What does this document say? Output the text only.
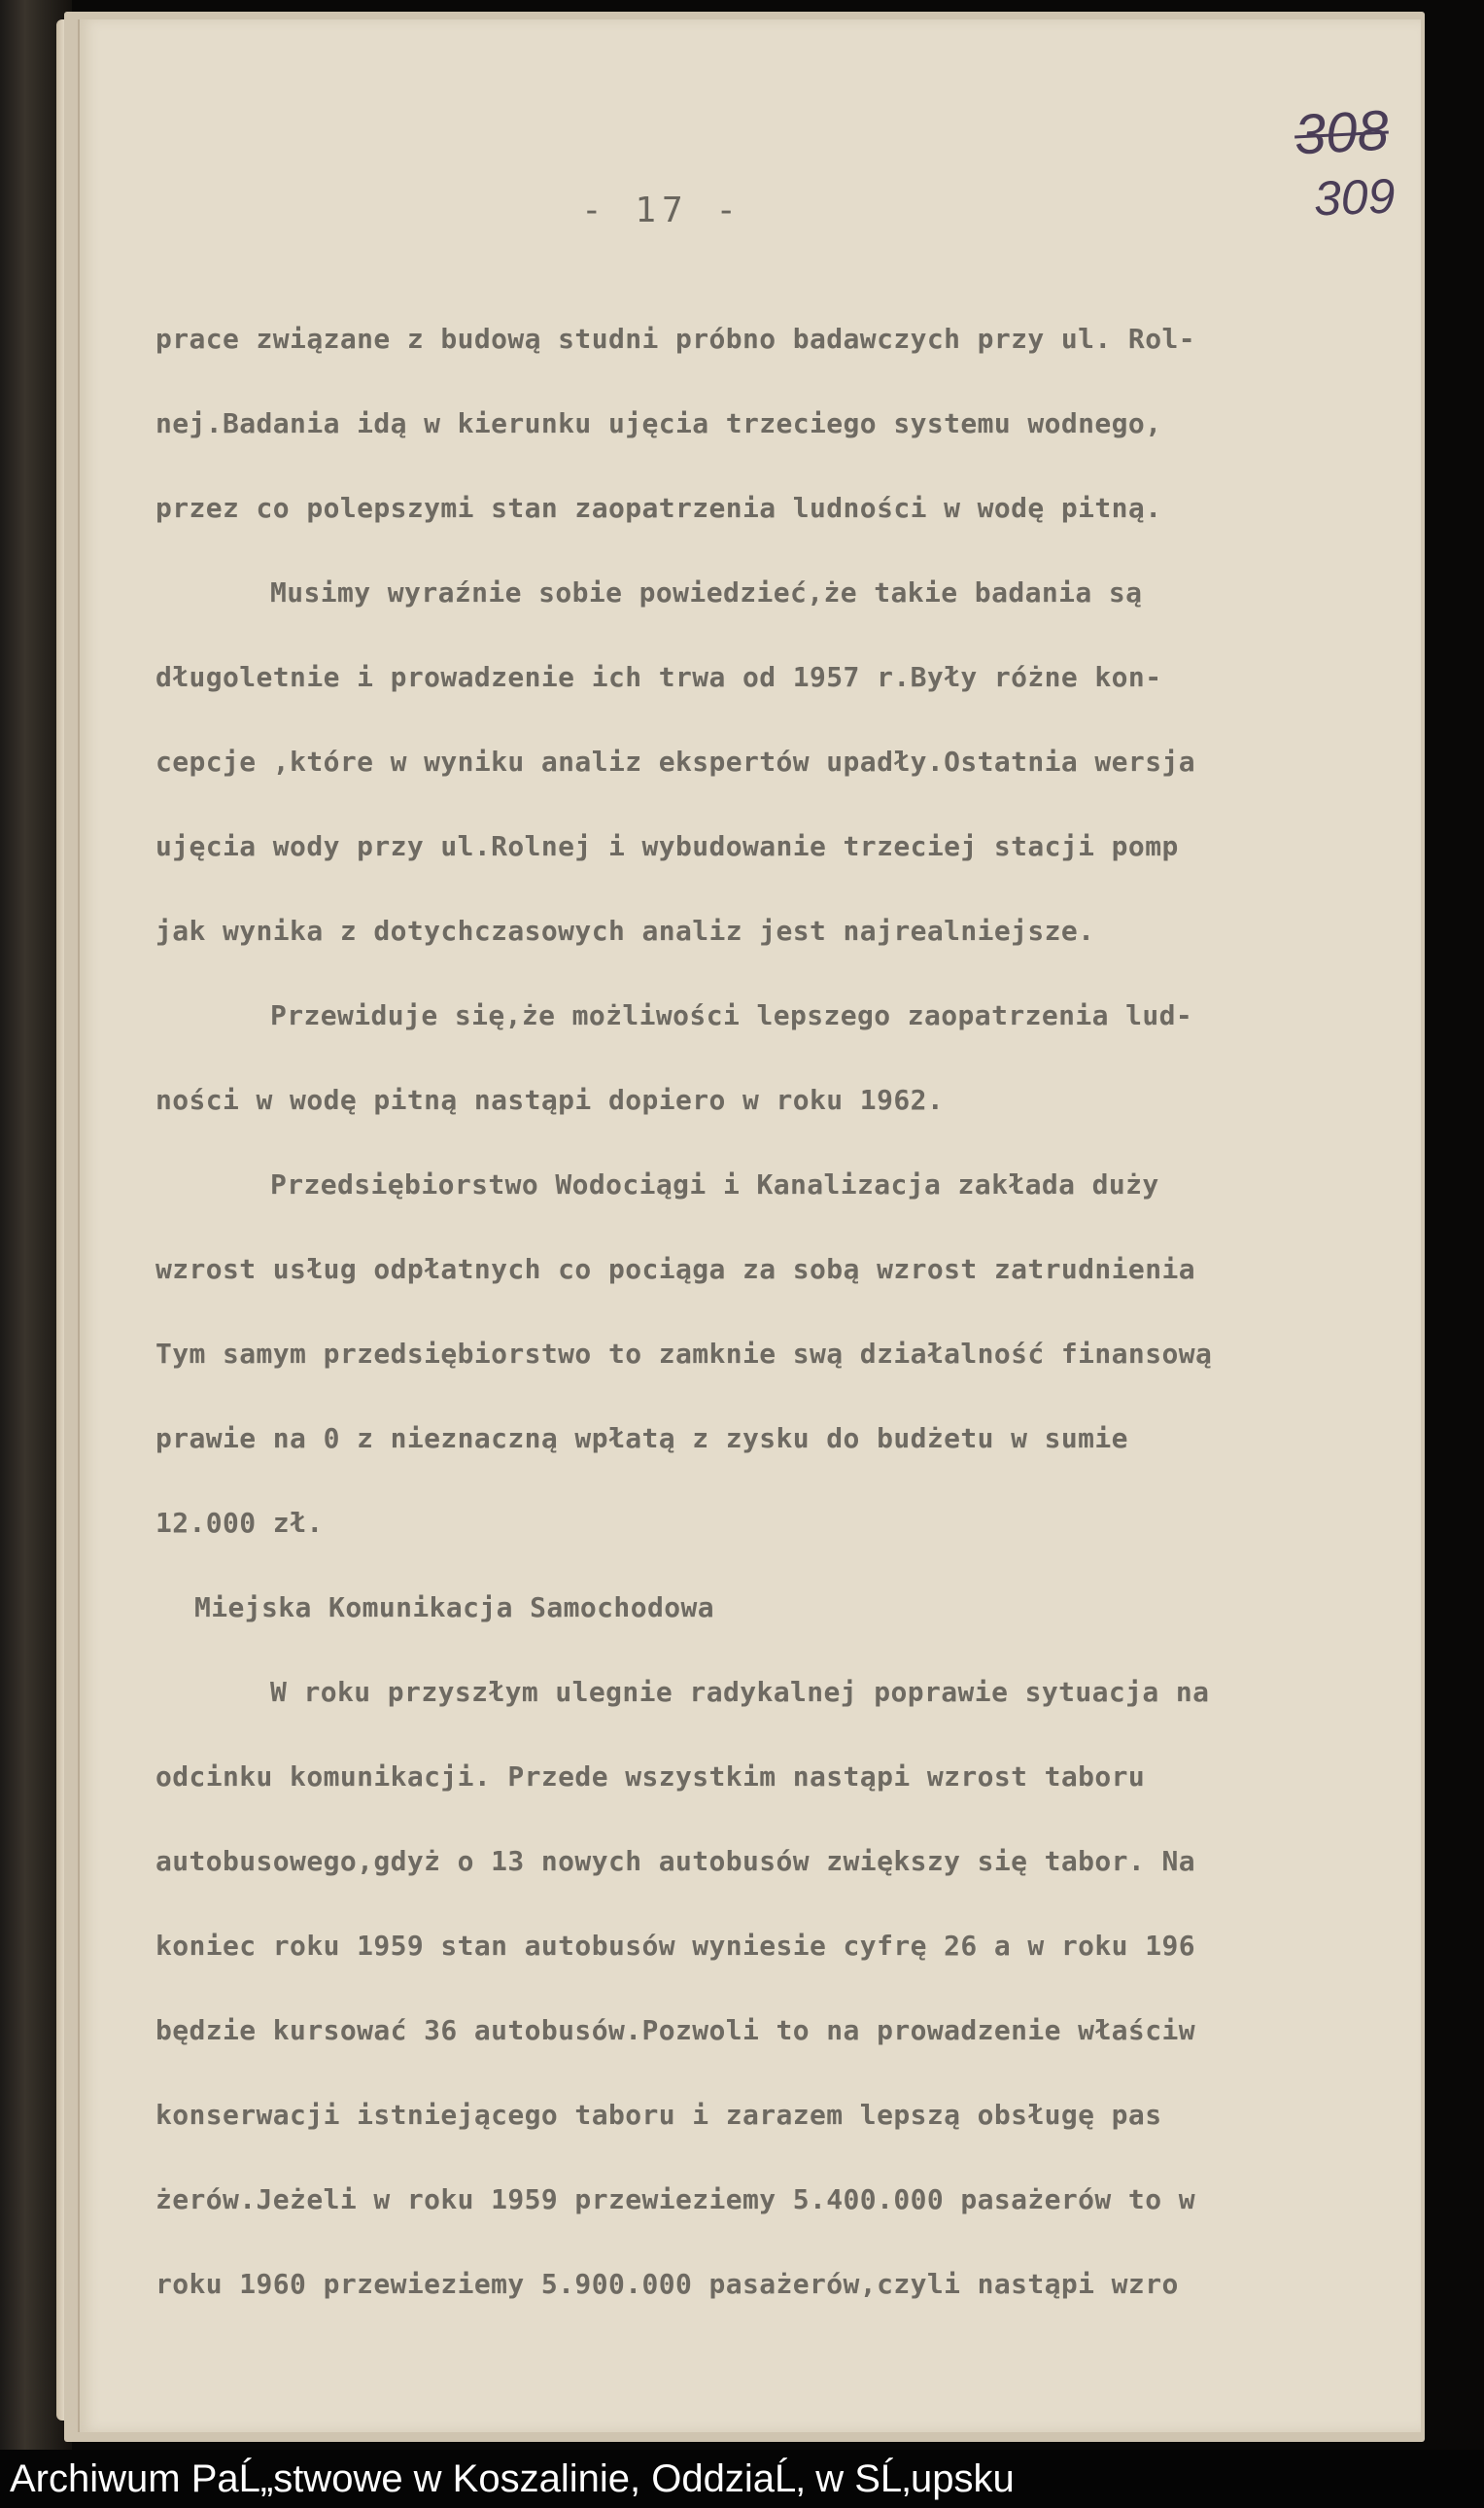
308
309
- 17 -
prace związane z budową studni próbno badawczych przy ul. Rol-
nej.Badania idą w kierunku ujęcia trzeciego systemu wodnego,
przez co polepszymi stan zaopatrzenia ludności w wodę pitną.
Musimy wyraźnie sobie powiedzieć,że takie badania są
długoletnie i prowadzenie ich trwa od 1957 r.Były różne kon-
cepcje ,które w wyniku analiz ekspertów upadły.Ostatnia wersja
ujęcia wody przy ul.Rolnej i wybudowanie trzeciej stacji pomp
jak wynika z dotychczasowych analiz jest najrealniejsze.
Przewiduje się,że możliwości lepszego zaopatrzenia lud-
ności w wodę pitną nastąpi dopiero w roku 1962.
Przedsiębiorstwo Wodociągi i Kanalizacja zakłada duży
wzrost usług odpłatnych co pociąga za sobą wzrost zatrudnienia
Tym samym przedsiębiorstwo to zamknie swą działalność finansową
prawie na 0 z nieznaczną wpłatą z zysku do budżetu w sumie
12.000 zł.
Miejska Komunikacja Samochodowa
W roku przyszłym ulegnie radykalnej poprawie sytuacja na
odcinku komunikacji. Przede wszystkim nastąpi wzrost taboru
autobusowego,gdyż o 13 nowych autobusów zwiększy się tabor. Na
koniec roku 1959 stan autobusów wyniesie cyfrę 26 a w roku 196
będzie kursować 36 autobusów.Pozwoli to na prowadzenie właściw
konserwacji istniejącego taboru i zarazem lepszą obsługę pas
żerów.Jeżeli w roku 1959 przewieziemy 5.400.000 pasażerów to w
roku 1960 przewieziemy 5.900.000 pasażerów,czyli nastąpi wzro
Archiwum PaĹ„stwowe w Koszalinie, OddziaĹ‚ w SĹ‚upsku
